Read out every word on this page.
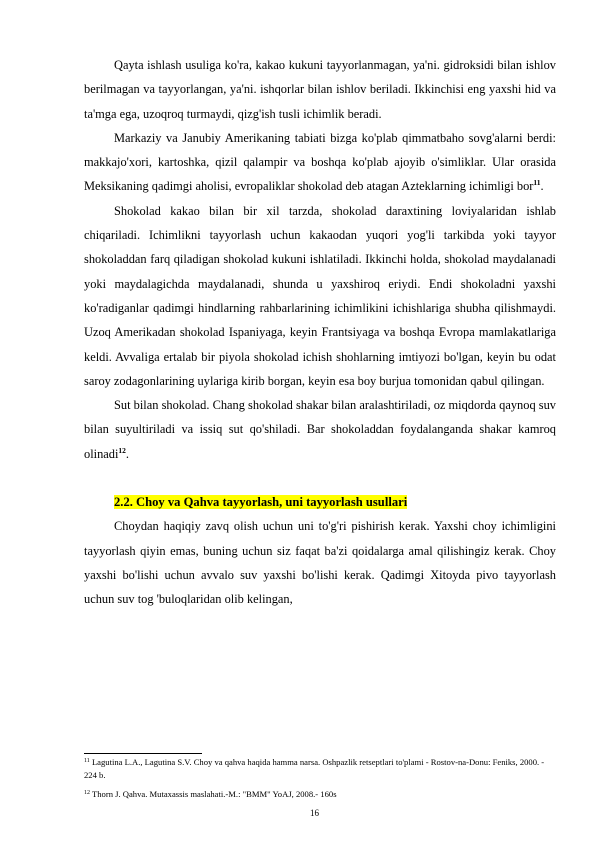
Qayta ishlash usuliga ko'ra, kakao kukuni tayyorlanmagan, ya'ni. gidroksidi bilan ishlov berilmagan va tayyorlangan, ya'ni. ishqorlar bilan ishlov beriladi. Ikkinchisi eng yaxshi hid va ta'mga ega, uzoqroq turmaydi, qizg'ish tusli ichimlik beradi.

Markaziy va Janubiy Amerikaning tabiati bizga ko'plab qimmatbaho sovg'alarni berdi: makkajo'xori, kartoshka, qizil qalampir va boshqa ko'plab ajoyib o'simliklar. Ular orasida Meksikaning qadimgi aholisi, evropaliklar shokolad deb atagan Azteklarning ichimligi bor$^{11}$.

Shokolad kakao bilan bir xil tarzda, shokolad daraxtining loviyalaridan ishlab chiqariladi. Ichimlikni tayyorlash uchun kakaodan yuqori yog'li tarkibda yoki tayyor shokoladdan farq qiladigan shokolad kukuni ishlatiladi. Ikkinchi holda, shokolad maydalanadi yoki maydalagichda maydalanadi, shunda u yaxshiroq eriydi. Endi shokoladni yaxshi ko'radiganlar qadimgi hindlarning rahbarlarining ichimlikini ichishlariga shubha qilishmaydi. Uzoq Amerikadan shokolad Ispaniyaga, keyin Frantsiyaga va boshqa Evropa mamlakatlariga keldi. Avvaliga ertalab bir piyola shokolad ichish shohlarning imtiyozi bo'lgan, keyin bu odat saroy zodagonlarining uylariga kirib borgan, keyin esa boy burjua tomonidan qabul qilingan.

Sut bilan shokolad. Chang shokolad shakar bilan aralashtiriladi, oz miqdorda qaynoq suv bilan suyultiriladi va issiq sut qo'shiladi. Bar shokoladdan foydalanganda shakar kamroq olinadi$^{12}$.

2.2. Choy va Qahva tayyorlash, uni tayyorlash usullari

Choydan haqiqiy zavq olish uchun uni to'g'ri pishirish kerak. Yaxshi choy ichimligini tayyorlash qiyin emas, buning uchun siz faqat ba'zi qoidalarga amal qilishingiz kerak. Choy yaxshi bo'lishi uchun avvalo suv yaxshi bo'lishi kerak. Qadimgi Xitoyda pivo tayyorlash uchun suv tog 'buloqlaridan olib kelingan,

$^{11}$ Lagutina L.A., Lagutina S.V. Choy va qahva haqida hamma narsa. Oshpazlik retseptlari to'plami - Rostov-na-Donu: Feniks, 2000. - 224 b.

$^{12}$ Thorn J. Qahva. Mutaxassis maslahati.-M.: "BMM" YoAJ, 2008.- 160s

16
